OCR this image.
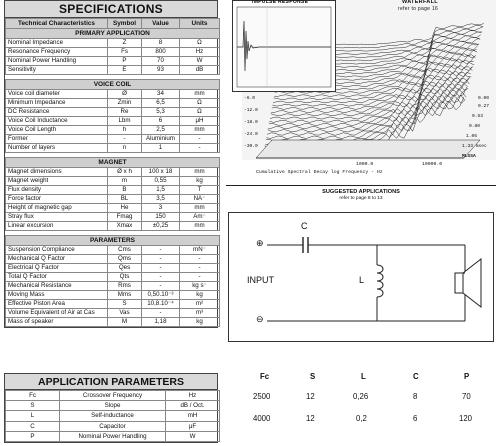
SPECIFICATIONS
Technical Characteristics	Symbol	Value	Units
PRIMARY APPLICATION			
Nominal Impedance	Z	8	Ω
Resonance Frequency	Fs	800	Hz
Nominal Power Handling	P	70	W
Sensitivity	E	93	dB

VOICE COIL			
Voice coil diameter	Ø	34	mm
Minimum Impedance	Zmin	6,5	Ω
DC Resistance	Re	5,3	Ω
Voice Coil Inductance	Lbm	6	μH
Voice Coil Length	h	2,5	mm
Former	-	Aluminium	-
Number of layers	n	1	-

MAGNET			
Magnet dimensions	Ø x h	100 x 18	mm
Magnet weight	m	0,55	kg
Flux density	B	1,5	T
Force factor	BL	3,5	NA⁻
Height of magnetic gap	He	3	mm
Stray flux	Fmag	150	Am⁻
Linear excursion	Xmax	±0,25	mm

PARAMETERS			
Suspension Compliance	Cms	-	mN⁻
Mechanical Q Factor	Qms	-	-
Electrical Q Factor	Qes	-	-
Total Q Factor	Qts	-	-
Mechanical Resistance	Rms	-	kg s⁻
Moving Mass	Mms	0,50.10⁻³	kg
Effective Piston Area	S	10,8.10⁻⁴	m²
Volume Equivalent of Air at Cas	Vas	-	m³
Mass of speaker	M	1,18	kg
APPLICATION PARAMETERS
Fc	Crossover Frequency	Hz
S	Slope	dB / Oct.
L	Self-inductance	mH
C	Capacitor	μF
P	Nominal Power Handling	W
IMPULSE RESPONSE	WATERFALL
refer to page 16
-6.0
-12.0
-18.0
-24.0
-30.0
0.00
0.27
0.53
0.80
1.06
1.33 msec
MLSSA
1000.0	10000.0
Cumulative Spectral Decay log Frequency - Hz
SUGGESTED APPLICATIONS
refer to page 8 to 13
⊕
⊖
C
L
INPUT
Fc	S	L	C	P
2500	12	0,26	8	70
4000	12	0,2	6	120
